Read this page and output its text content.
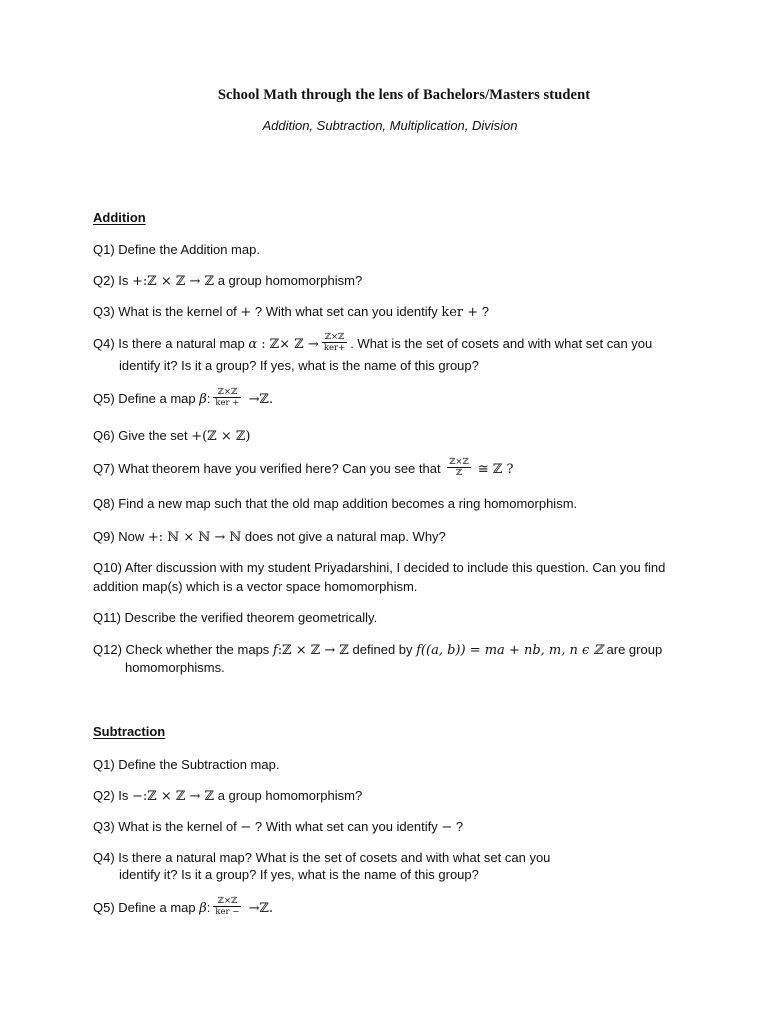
School Math through the lens of Bachelors/Masters student
Addition, Subtraction, Multiplication, Division
Addition
Q1) Define the Addition map.
Q2) Is +:ℤ × ℤ → ℤ a group homomorphism?
Q3) What is the kernel of + ? With what set can you identify ker + ?
Q4) Is there a natural map α : ℤ× ℤ → $\frac{\text{ℤ×ℤ}}{\text{ker+}}$ . What is the set of cosets and with what set can you
identify it? Is it a group? If yes, what is the name of this group?
Q5) Define a map β: $\frac{\text{ℤ×ℤ}}{\text{ker +}}$ →ℤ.
Q6) Give the set +(ℤ × ℤ)
Q7) What theorem have you verified here? Can you see that $\frac{\text{ℤ×ℤ}}{\text{ℤ}}$ ≅ ℤ ?
Q8) Find a new map such that the old map addition becomes a ring homomorphism.
Q9) Now +: ℕ × ℕ → ℕ does not give a natural map. Why?
Q10) After discussion with my student Priyadarshini, I decided to include this question. Can you find
addition map(s) which is a vector space homomorphism.
Q11) Describe the verified theorem geometrically.
Q12) Check whether the maps f:ℤ × ℤ → ℤ defined by f((a, b)) = ma + nb, m, n ϵ ℤ are group
homomorphisms.
Subtraction
Q1) Define the Subtraction map.
Q2) Is −:ℤ × ℤ → ℤ a group homomorphism?
Q3) What is the kernel of − ? With what set can you identify − ?
Q4) Is there a natural map? What is the set of cosets and with what set can you
identify it? Is it a group? If yes, what is the name of this group?
Q5) Define a map β: $\frac{\text{ℤ×ℤ}}{\text{ker −}}$ →ℤ.
